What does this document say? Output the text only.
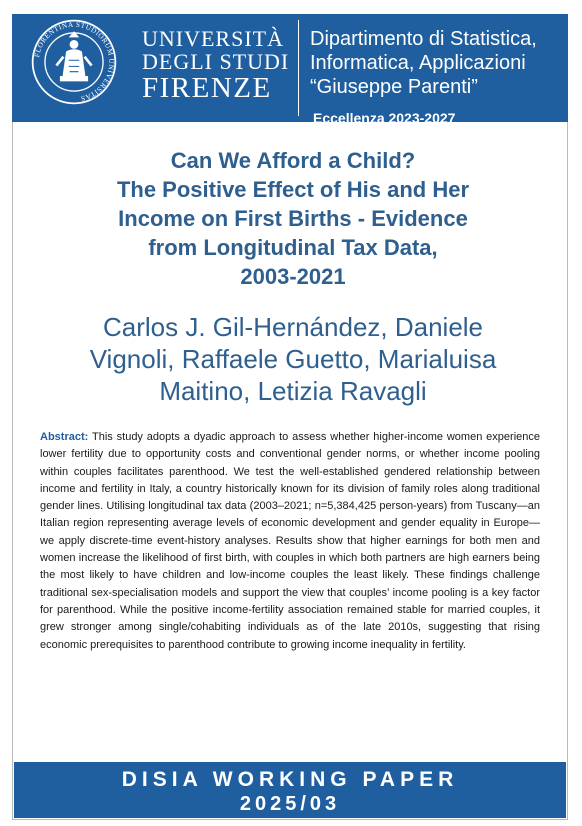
FLORENTINA STUDIORUM UNIVERSITAS
UNIVERSITÀ
DEGLI STUDI
FIRENZE
Dipartimento di Statistica,
Informatica, Applicazioni
“Giuseppe Parenti”
Eccellenza 2023-2027
Can We Afford a Child?
The Positive Effect of His and Her
Income on First Births - Evidence
from Longitudinal Tax Data,
2003-2021
Carlos J. Gil-Hernández, Daniele
Vignoli, Raffaele Guetto, Marialuisa
Maitino, Letizia Ravagli
Abstract: This study adopts a dyadic approach to assess whether higher-income women experience lower fertility due to opportunity costs and conventional gender norms, or whether income pooling within couples facilitates parenthood. We test the well-established gendered relationship between income and fertility in Italy, a country historically known for its division of family roles along traditional gender lines. Utilising longitudinal tax data (2003–2021; n=5,384,425 person-years) from Tuscany—an Italian region representing average levels of economic development and gender equality in Europe—we apply discrete-time event-history analyses. Results show that higher earnings for both men and women increase the likelihood of first birth, with couples in which both partners are high earners being the most likely to have children and low-income couples the least likely. These findings challenge traditional sex-specialisation models and support the view that couples’ income pooling is a key factor for parenthood. While the positive income-fertility association remained stable for married couples, it grew stronger among single/cohabiting individuals as of the late 2010s, suggesting that rising economic prerequisites to parenthood contribute to growing income inequality in fertility.
DISIA WORKING PAPER
2025/03
